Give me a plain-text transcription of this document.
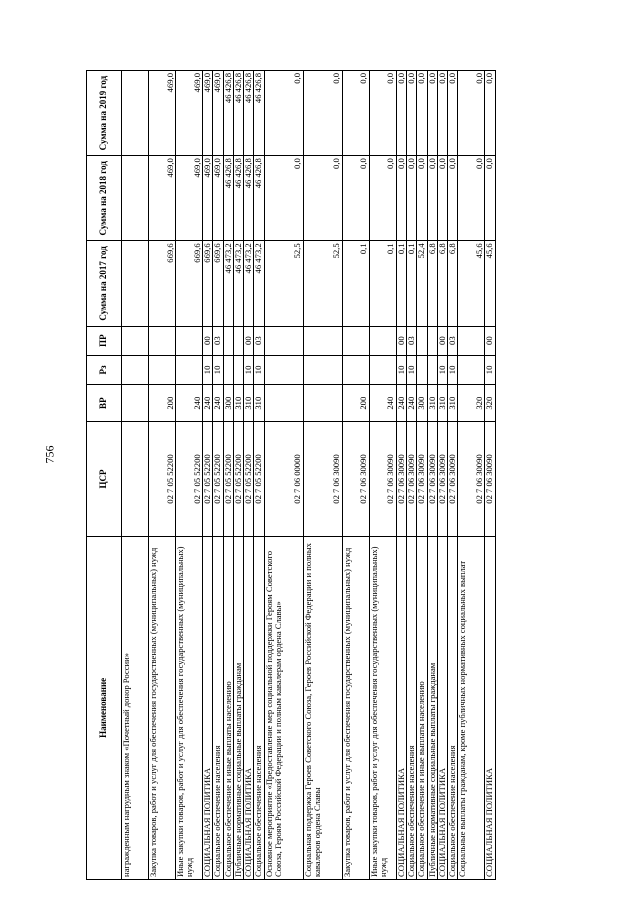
756
Наименование	ЦСР	ВР	Рз	ПР	Сумма на 2017 год	Сумма на 2018 год	Сумма на 2019 год
награжденным нагрудным знаком «Почетный донор России»							
Закупка товаров, работ и услуг для обеспечения государственных (муниципальных) нужд	02 7 05 52200	200			669,6	469,0	469,0
Иные закупки товаров, работ и услуг для обеспечения государственных (муниципальных) нужд	02 7 05 52200	240			669,6	469,0	469,0
СОЦИАЛЬНАЯ ПОЛИТИКА	02 7 05 52200	240	10	00	669,6	469,0	469,0
Социальное обеспечение населения	02 7 05 52200	240	10	03	669,6	469,0	469,0
Социальное обеспечение и иные выплаты населению	02 7 05 52200	300			46 473,2	46 426,8	46 426,8
Публичные нормативные социальные выплаты гражданам	02 7 05 52200	310			46 473,2	46 426,8	46 426,8
СОЦИАЛЬНАЯ ПОЛИТИКА	02 7 05 52200	310	10	00	46 473,2	46 426,8	46 426,8
Социальное обеспечение населения	02 7 05 52200	310	10	03	46 473,2	46 426,8	46 426,8
Основное мероприятие «Предоставление мер социальной поддержки Героям Советского Союза, Героям Российской Федерации и полным кавалерам ордена Славы»	02 7 06 00000				52,5	0,0	0,0
Социальная поддержка Героев Советского Союза, Героев Российской Федерации и полных кавалеров ордена Славы	02 7 06 30090				52,5	0,0	0,0
Закупка товаров, работ и услуг для обеспечения государственных (муниципальных) нужд	02 7 06 30090	200			0,1	0,0	0,0
Иные закупки товаров, работ и услуг для обеспечения государственных (муниципальных) нужд	02 7 06 30090	240			0,1	0,0	0,0
СОЦИАЛЬНАЯ ПОЛИТИКА	02 7 06 30090	240	10	00	0,1	0,0	0,0
Социальное обеспечение населения	02 7 06 30090	240	10	03	0,1	0,0	0,0
Социальное обеспечение и иные выплаты населению	02 7 06 30090	300			52,4	0,0	0,0
Публичные нормативные социальные выплаты гражданам	02 7 06 30090	310			6,8	0,0	0,0
СОЦИАЛЬНАЯ ПОЛИТИКА	02 7 06 30090	310	10	00	6,8	0,0	0,0
Социальное обеспечение населения	02 7 06 30090	310	10	03	6,8	0,0	0,0
Социальные выплаты гражданам, кроме публичных нормативных социальных выплат	02 7 06 30090	320			45,6	0,0	0,0
СОЦИАЛЬНАЯ ПОЛИТИКА	02 7 06 30090	320	10	00	45,6	0,0	0,0
